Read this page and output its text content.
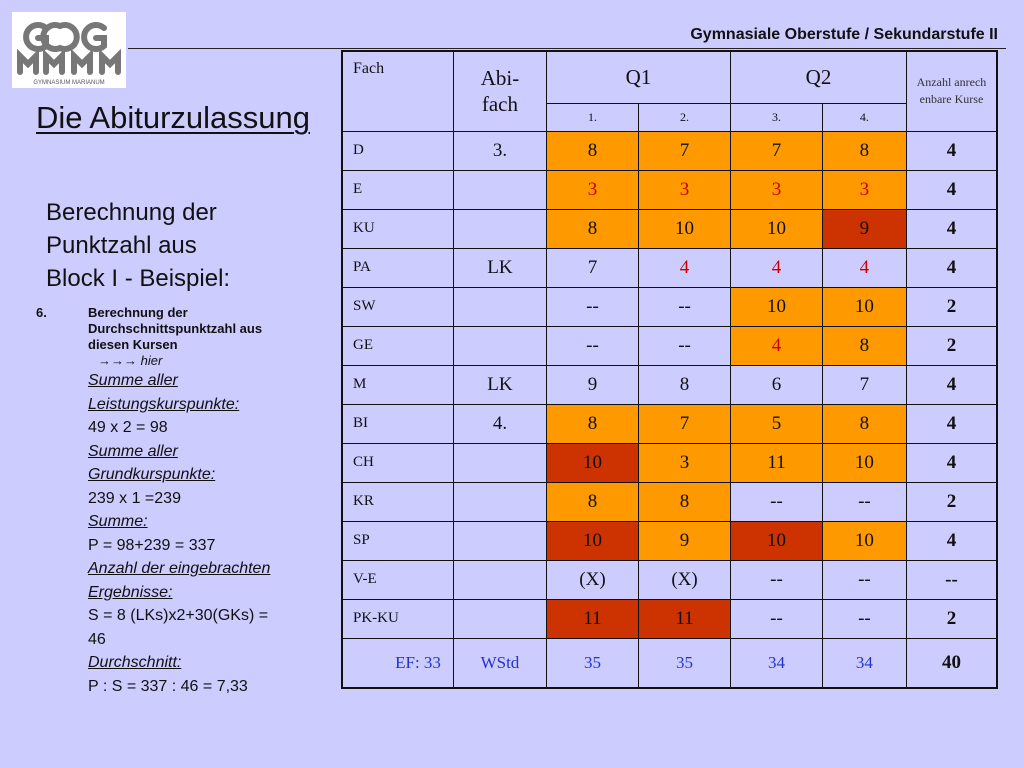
GYMNASIUM MARIANUM
Gymnasiale Oberstufe / Sekundarstufe II
Die Abiturzulassung
Berechnung der
Punktzahl aus
Block I - Beispiel:
6.	Berechnung der
Durchschnittspunktzahl aus
diesen Kursen
→→→ hier
Summe aller
Leistungskurspunkte:
49 x 2 = 98
Summe aller
Grundkurspunkte:
239 x 1 =239
Summe:
P = 98+239 = 337
Anzahl der eingebrachten
Ergebnisse:
S = 8 (LKs)x2+30(GKs) =
46
Durchschnitt:
P : S = 337 : 46 = 7,33
Fach	Abi-fach	Q1		Q2		Anzahl anrechenbare Kurse
		1.	2.	3.	4.	
D	3.	8	7	7	8	4
E		3	3	3	3	4
KU		8	10	10	9	4
PA	LK	7	4	4	4	4
SW		--	--	10	10	2
GE		--	--	4	8	2
M	LK	9	8	6	7	4
BI	4.	8	7	5	8	4
CH		10	3	11	10	4
KR		8	8	--	--	2
SP		10	9	10	10	4
V-E		(X)	(X)	--	--	--
PK-KU		11	11	--	--	2
EF: 33	WStd	35	35	34	34	40
